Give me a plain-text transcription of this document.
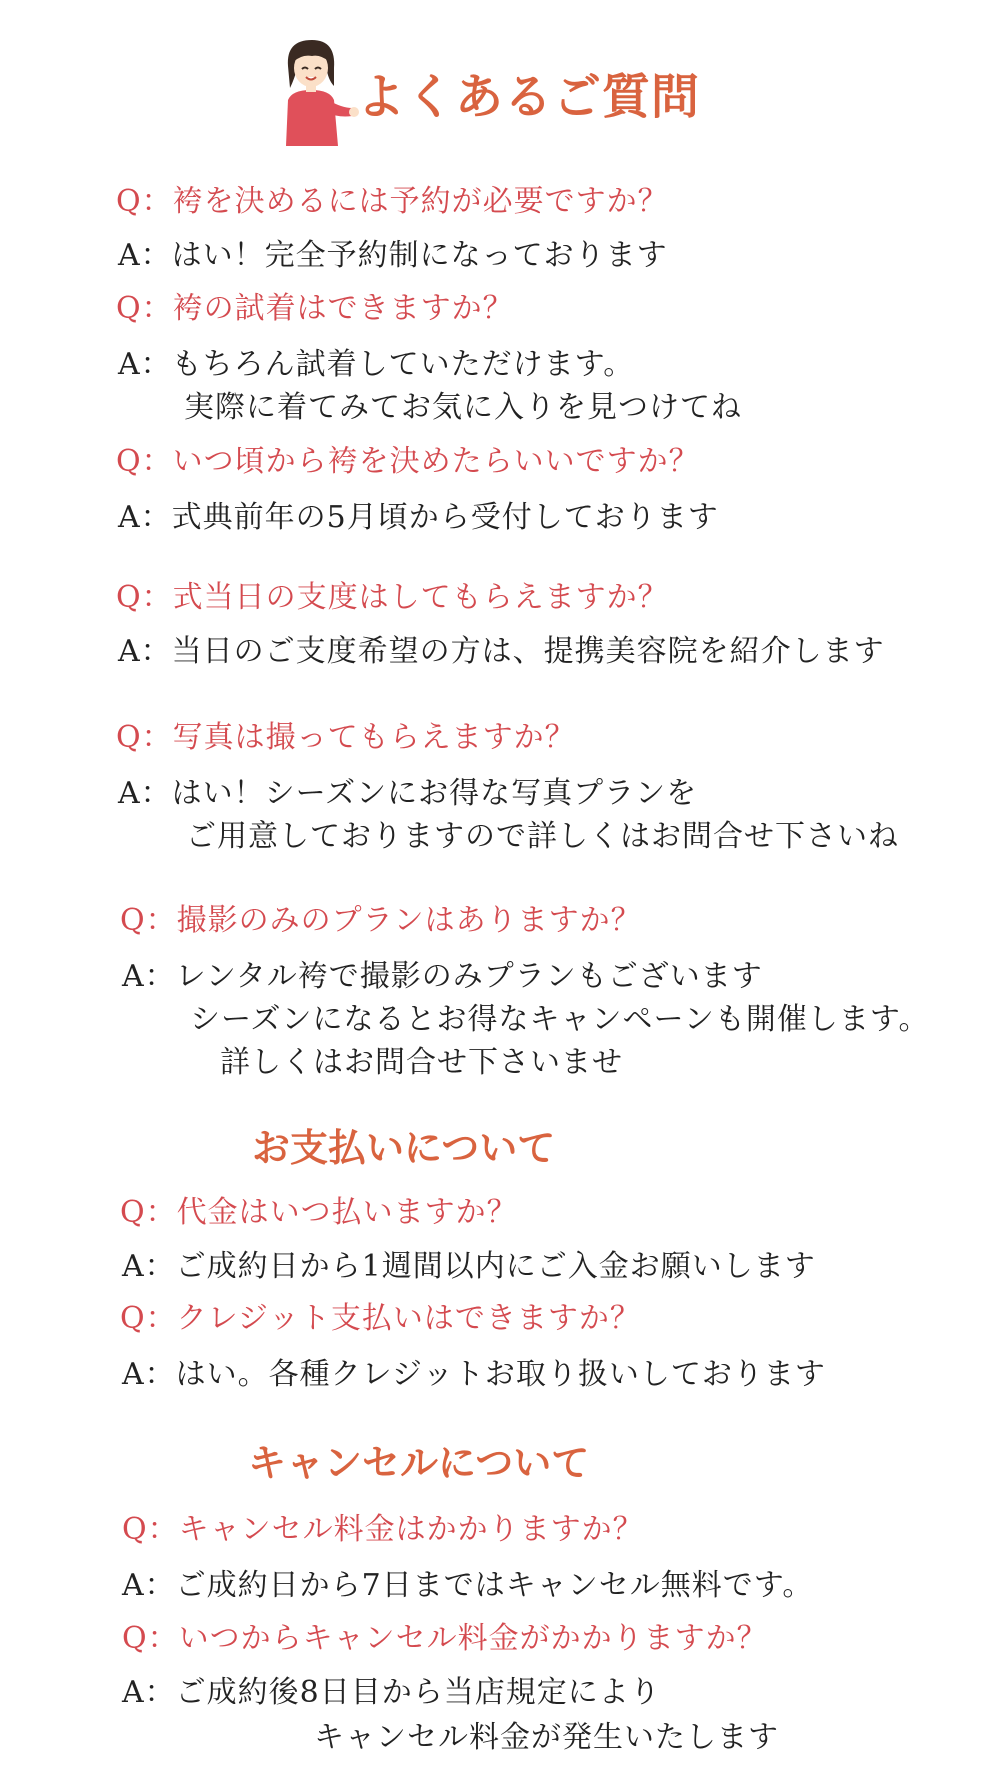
よくあるご質問
Q：袴を決めるには予約が必要ですか？
A：はい！完全予約制になっております
Q：袴の試着はできますか？
A：もちろん試着していただけます。
実際に着てみてお気に入りを見つけてね
Q：いつ頃から袴を決めたらいいですか？
A：式典前年の5月頃から受付しております
Q：式当日の支度はしてもらえますか？
A：当日のご支度希望の方は、提携美容院を紹介します
Q：写真は撮ってもらえますか？
A：はい！シーズンにお得な写真プランを
ご用意しておりますので詳しくはお問合せ下さいね
Q：撮影のみのプランはありますか？
A：レンタル袴で撮影のみプランもございます
シーズンになるとお得なキャンペーンも開催します。
詳しくはお問合せ下さいませ
お支払いについて
Q：代金はいつ払いますか？
A：ご成約日から1週間以内にご入金お願いします
Q：クレジット支払いはできますか？
A：はい。各種クレジットお取り扱いしております
キャンセルについて
Q：キャンセル料金はかかりますか？
A：ご成約日から7日まではキャンセル無料です。
Q：いつからキャンセル料金がかかりますか？
A：ご成約後8日目から当店規定により
キャンセル料金が発生いたします
